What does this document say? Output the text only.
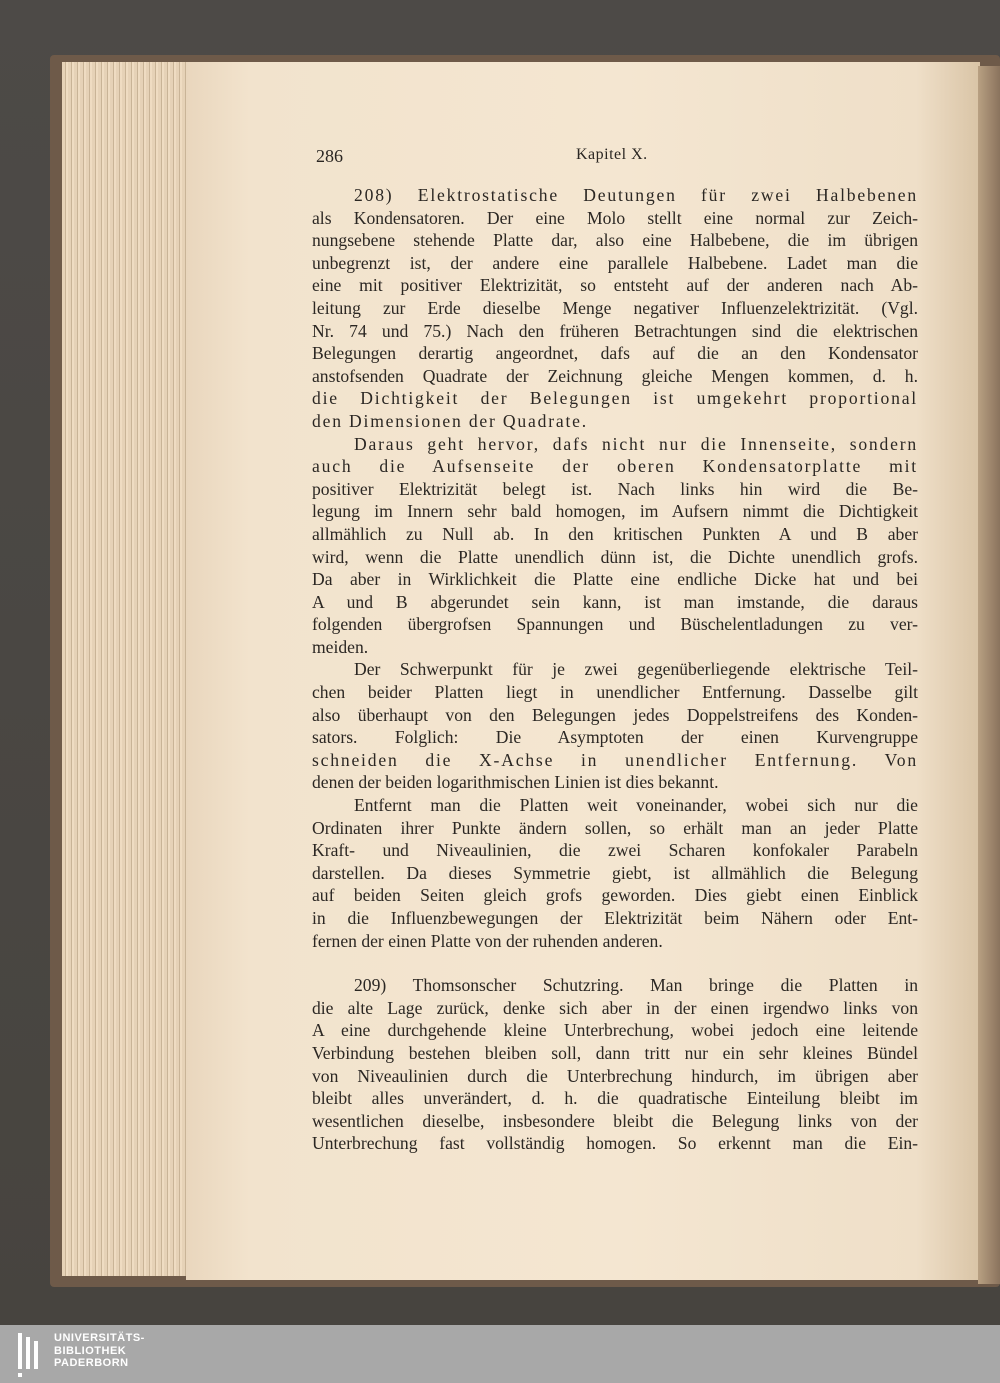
286	Kapitel X.
208) Elektrostatische Deutungen für zwei Halbebenen
als Kondensatoren. Der eine Molo stellt eine normal zur Zeich-
nungsebene stehende Platte dar, also eine Halbebene, die im übrigen
unbegrenzt ist, der andere eine parallele Halbebene. Ladet man die
eine mit positiver Elektrizität, so entsteht auf der anderen nach Ab-
leitung zur Erde dieselbe Menge negativer Influenzelektrizität. (Vgl.
Nr. 74 und 75.) Nach den früheren Betrachtungen sind die elektrischen
Belegungen derartig angeordnet, dafs auf die an den Kondensator
anstofsenden Quadrate der Zeichnung gleiche Mengen kommen, d. h.
die Dichtigkeit der Belegungen ist umgekehrt proportional
den Dimensionen der Quadrate.
Daraus geht hervor, dafs nicht nur die Innenseite, sondern
auch die Aufsenseite der oberen Kondensatorplatte mit
positiver Elektrizität belegt ist. Nach links hin wird die Be-
legung im Innern sehr bald homogen, im Aufsern nimmt die Dichtigkeit
allmählich zu Null ab. In den kritischen Punkten A und B aber
wird, wenn die Platte unendlich dünn ist, die Dichte unendlich grofs.
Da aber in Wirklichkeit die Platte eine endliche Dicke hat und bei
A und B abgerundet sein kann, ist man imstande, die daraus
folgenden übergrofsen Spannungen und Büschelentladungen zu ver-
meiden.
Der Schwerpunkt für je zwei gegenüberliegende elektrische Teil-
chen beider Platten liegt in unendlicher Entfernung. Dasselbe gilt
also überhaupt von den Belegungen jedes Doppelstreifens des Konden-
sators. Folglich: Die Asymptoten der einen Kurvengruppe
schneiden die X-Achse in unendlicher Entfernung. Von
denen der beiden logarithmischen Linien ist dies bekannt.
Entfernt man die Platten weit voneinander, wobei sich nur die
Ordinaten ihrer Punkte ändern sollen, so erhält man an jeder Platte
Kraft- und Niveaulinien, die zwei Scharen konfokaler Parabeln
darstellen. Da dieses Symmetrie giebt, ist allmählich die Belegung
auf beiden Seiten gleich grofs geworden. Dies giebt einen Einblick
in die Influenzbewegungen der Elektrizität beim Nähern oder Ent-
fernen der einen Platte von der ruhenden anderen.
209) Thomsonscher Schutzring. Man bringe die Platten in
die alte Lage zurück, denke sich aber in der einen irgendwo links von
A eine durchgehende kleine Unterbrechung, wobei jedoch eine leitende
Verbindung bestehen bleiben soll, dann tritt nur ein sehr kleines Bündel
von Niveaulinien durch die Unterbrechung hindurch, im übrigen aber
bleibt alles unverändert, d. h. die quadratische Einteilung bleibt im
wesentlichen dieselbe, insbesondere bleibt die Belegung links von der
Unterbrechung fast vollständig homogen. So erkennt man die Ein-
UNIVERSITÄTS-
BIBLIOTHEK
PADERBORN
